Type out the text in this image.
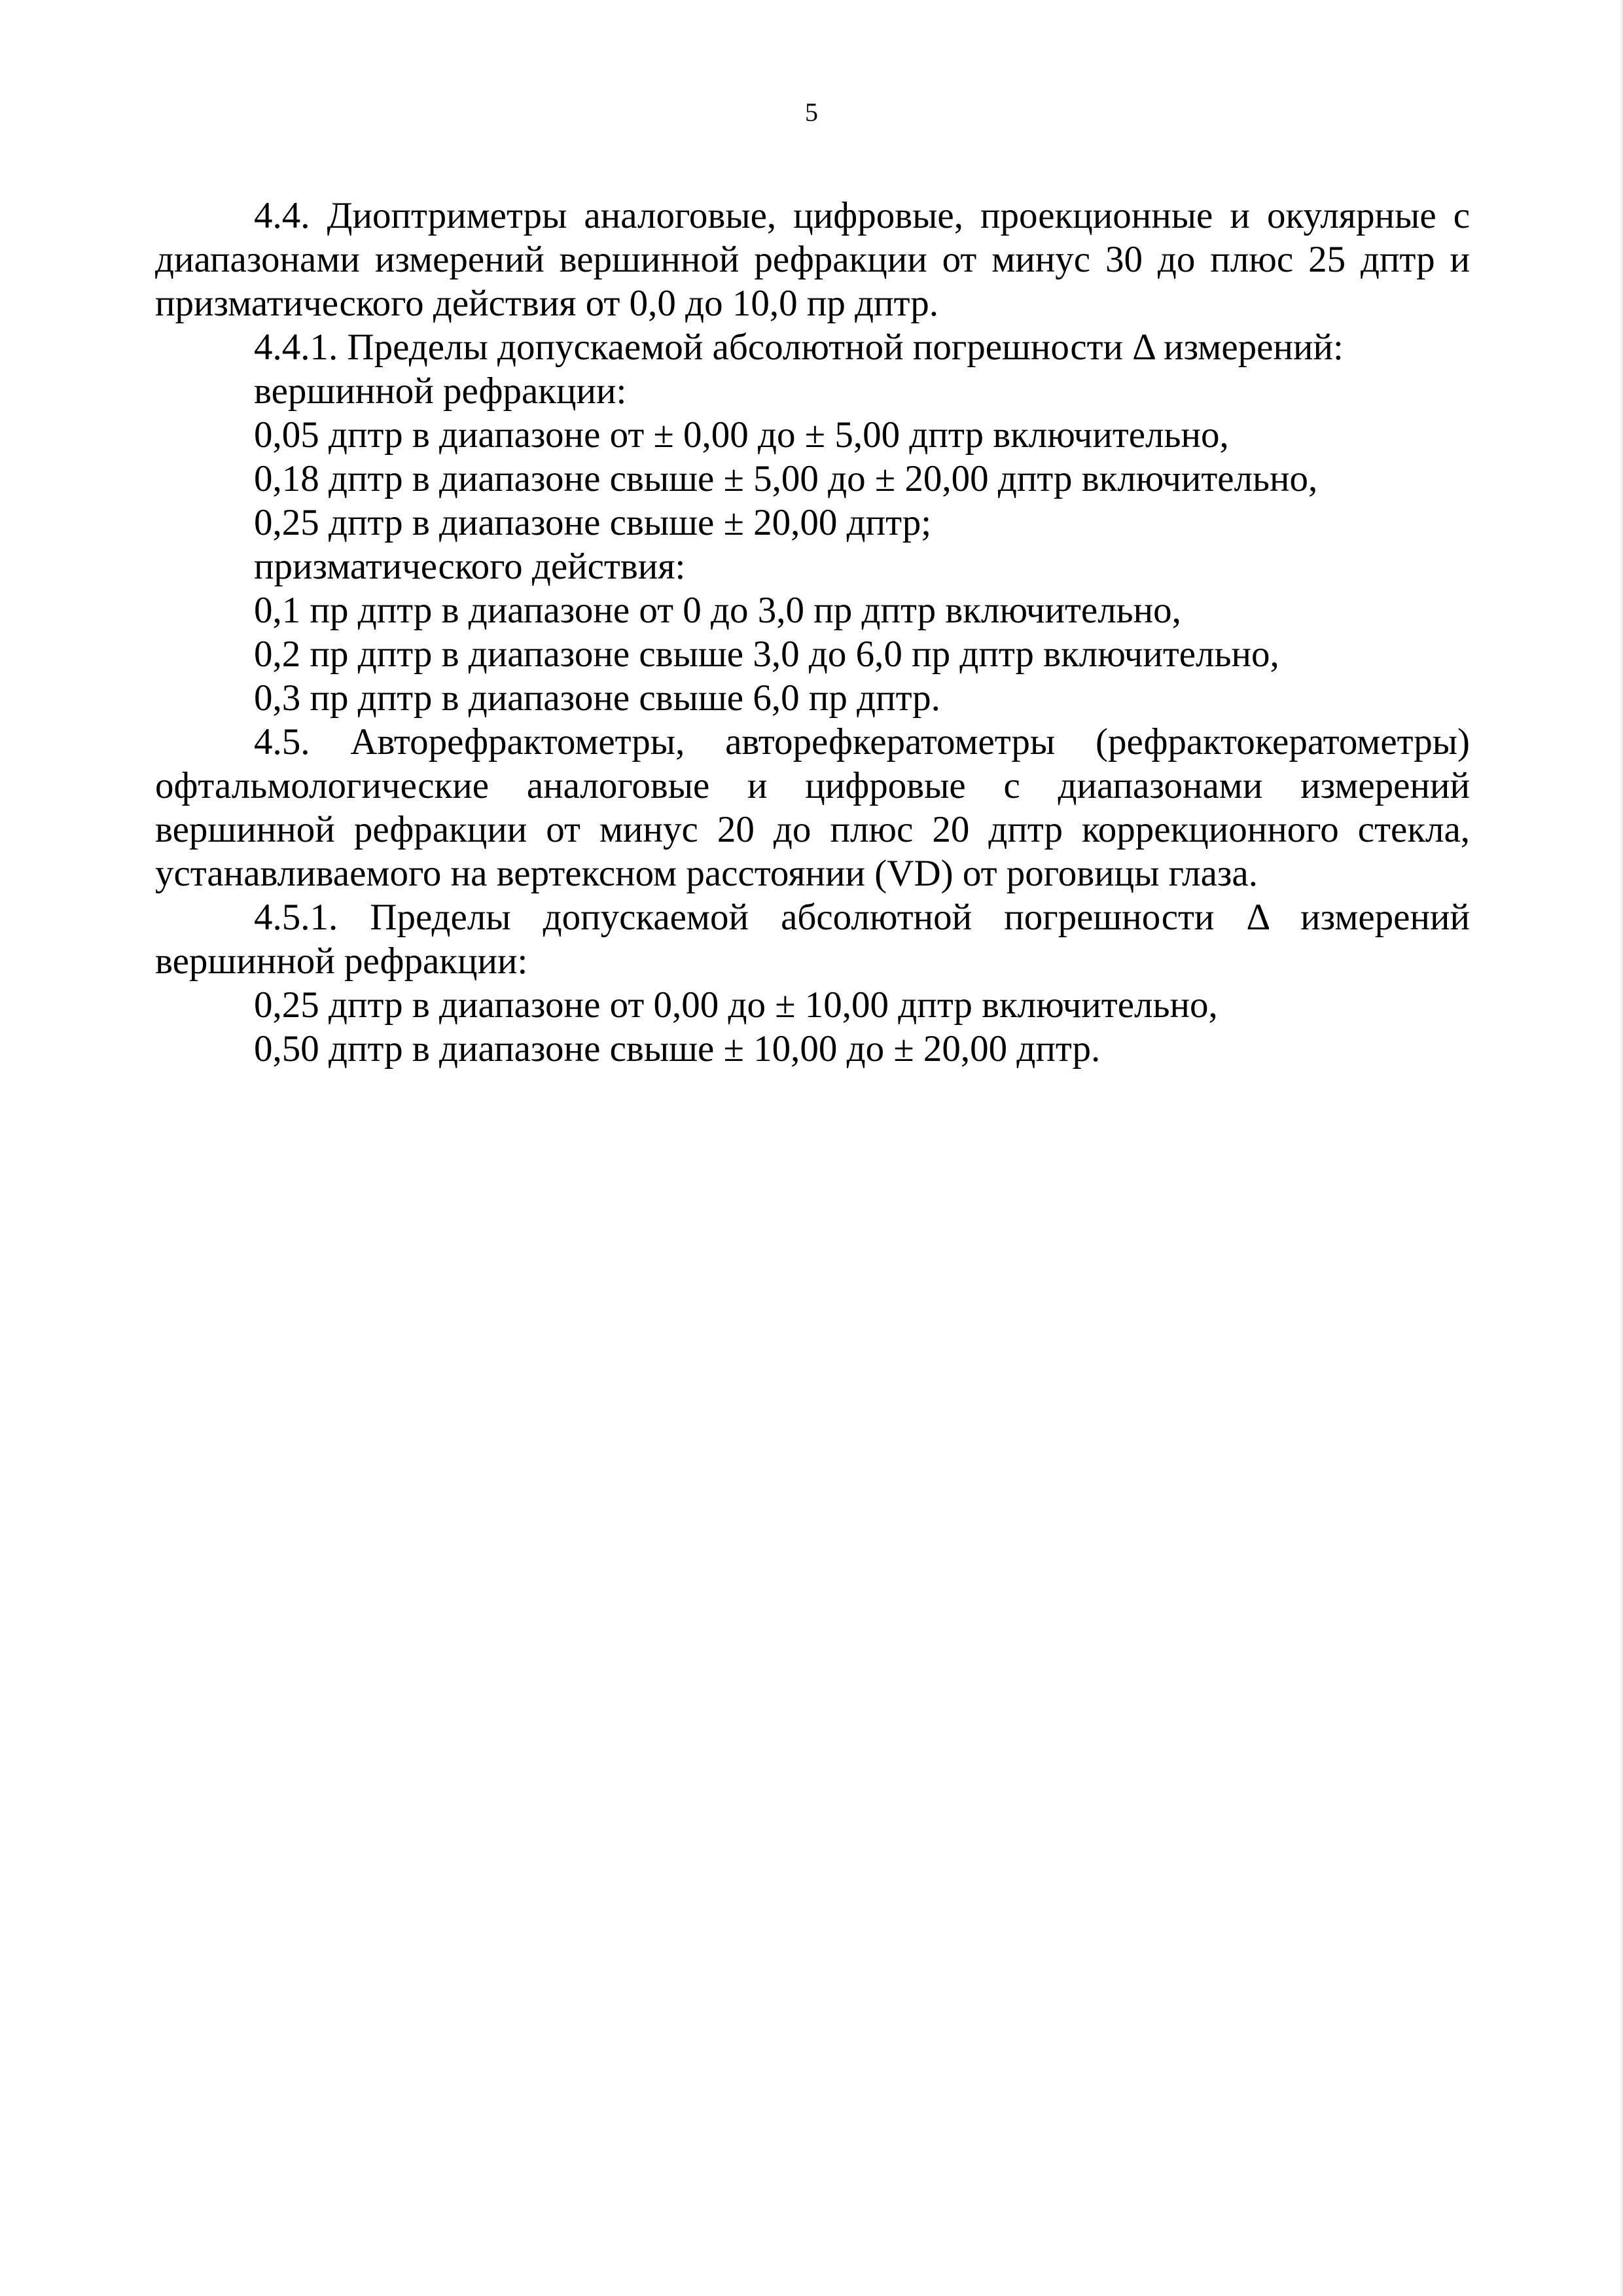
5

4.4. Диоптриметры аналоговые, цифровые, проекционные и окулярные с диапазонами измерений вершинной рефракции от минус 30 до плюс 25 дптр и призматического действия от 0,0 до 10,0 пр дптр.

4.4.1. Пределы допускаемой абсолютной погрешности Δ измерений:

вершинной рефракции:

0,05 дптр в диапазоне от ± 0,00 до ± 5,00 дптр включительно,

0,18 дптр в диапазоне свыше ± 5,00 до ± 20,00 дптр включительно,

0,25 дптр в диапазоне свыше ± 20,00 дптр;

призматического действия:

0,1 пр дптр в диапазоне от 0 до 3,0 пр дптр включительно,

0,2 пр дптр в диапазоне свыше 3,0 до 6,0 пр дптр включительно,

0,3 пр дптр в диапазоне свыше 6,0 пр дптр.

4.5. Авторефрактометры, авторефкератометры (рефрактокератометры) офтальмологические аналоговые и цифровые с диапазонами измерений вершинной рефракции от минус 20 до плюс 20 дптр коррекционного стекла, устанавливаемого на вертексном расстоянии (VD) от роговицы глаза.

4.5.1. Пределы допускаемой абсолютной погрешности Δ измерений вершинной рефракции:

0,25 дптр в диапазоне от 0,00 до ± 10,00 дптр включительно,

0,50 дптр в диапазоне свыше ± 10,00 до ± 20,00 дптр.
